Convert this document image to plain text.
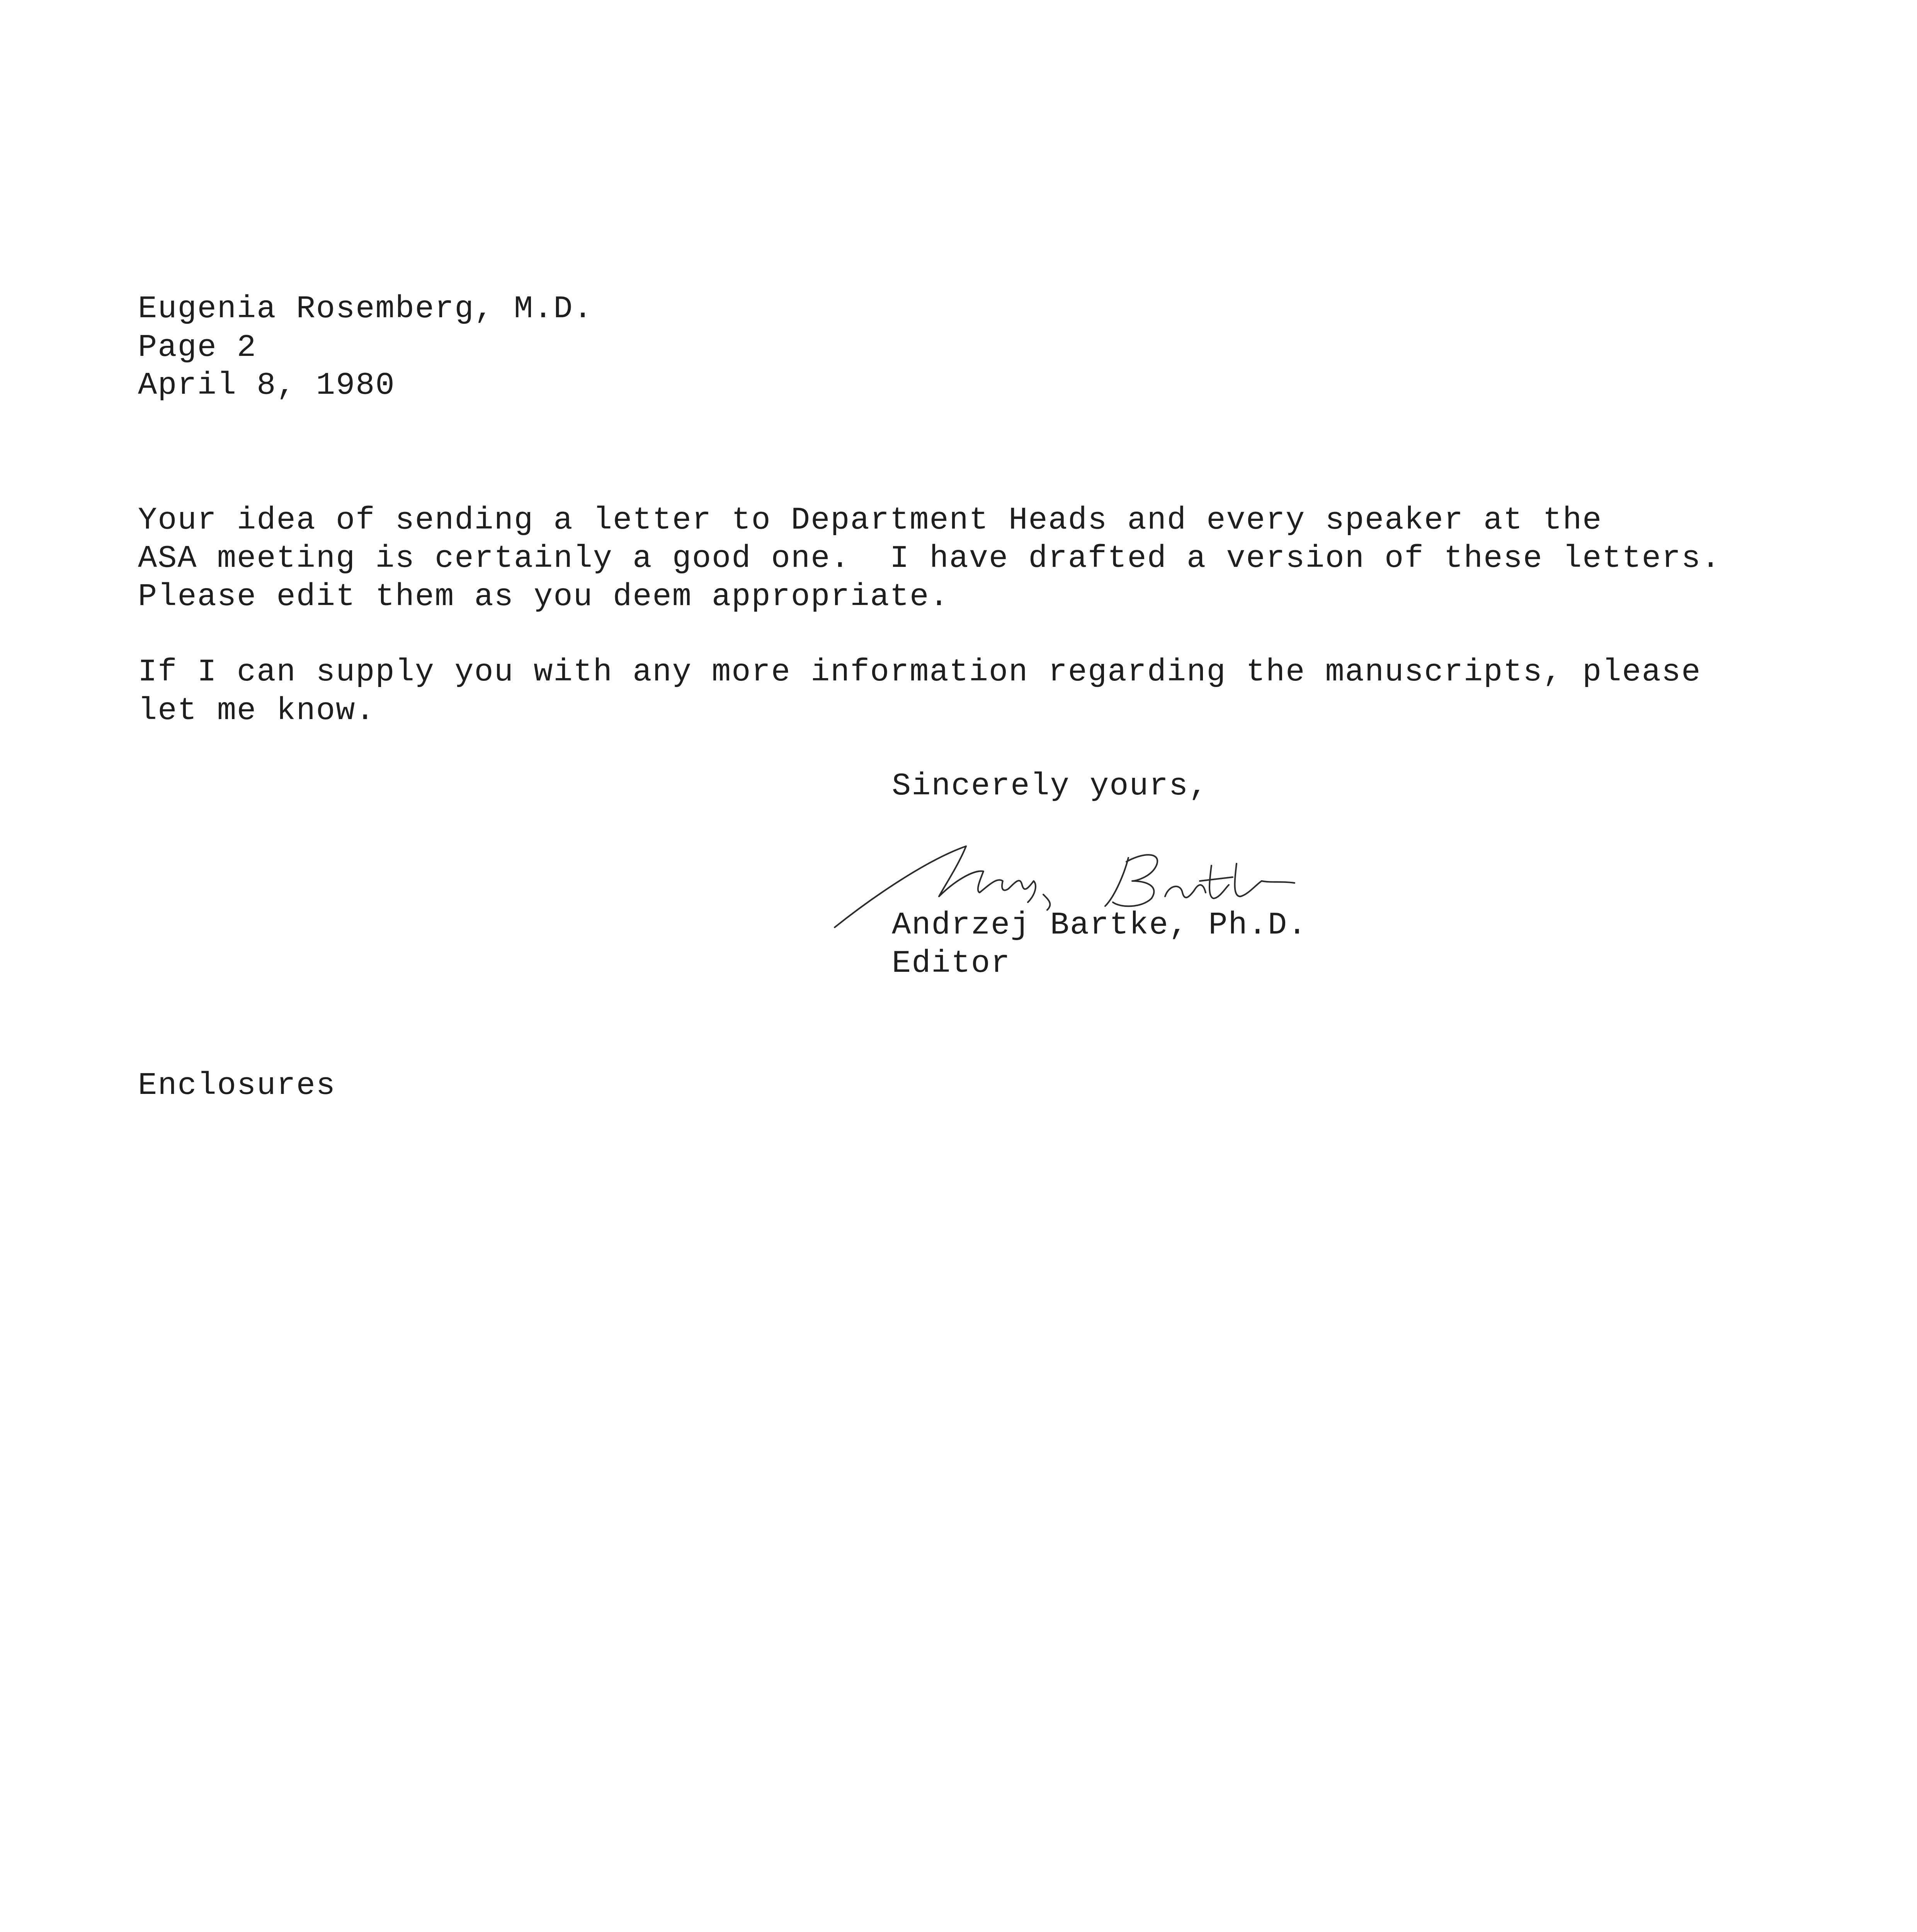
Eugenia Rosemberg, M.D.
Page 2
April 8, 1980
Your idea of sending a letter to Department Heads and every speaker at the
ASA meeting is certainly a good one.  I have drafted a version of these letters.
Please edit them as you deem appropriate.
If I can supply you with any more information regarding the manuscripts, please
let me know.
Sincerely yours,
Andrzej Bartke, Ph.D.
Editor
Enclosures
